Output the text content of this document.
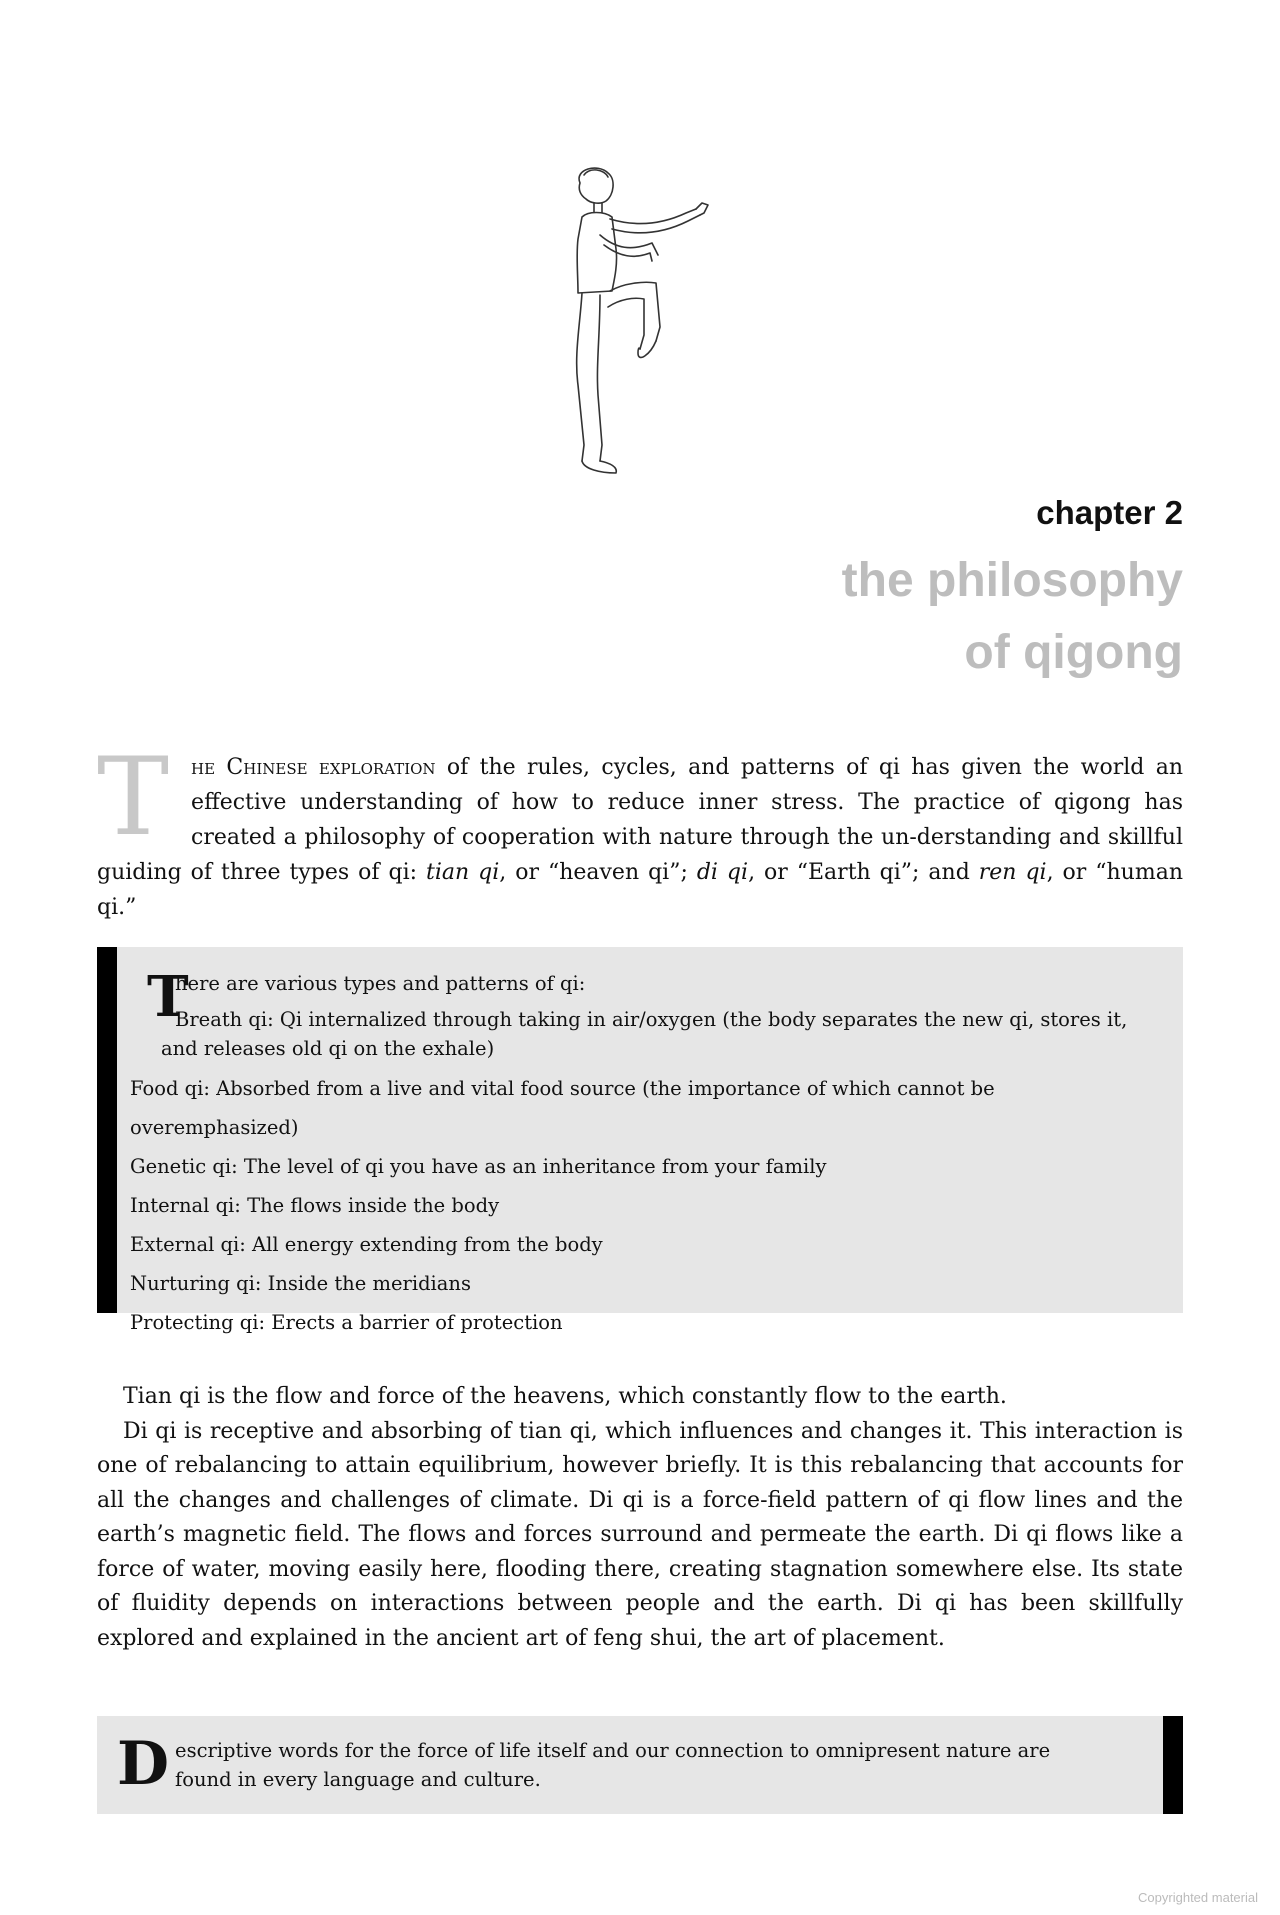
chapter 2
the philosophy
of qigong
T he Chinese exploration of the rules, cycles, and patterns of qi has given the world an effective understanding of how to reduce inner stress. The practice of qigong has created a philosophy of cooperation with nature through the un-derstanding and skillful guiding of three types of qi: tian qi, or “heaven qi”; di qi, or “Earth qi”; and ren qi, or “human qi.”
T
here are various types and patterns of qi:
Breath qi: Qi internalized through taking in air/oxygen (the body separates the new qi, stores it, and releases old qi on the exhale)
Food qi: Absorbed from a live and vital food source (the importance of which cannot be overemphasized)
Genetic qi: The level of qi you have as an inheritance from your family
Internal qi: The flows inside the body
External qi: All energy extending from the body
Nurturing qi: Inside the meridians
Protecting qi: Erects a barrier of protection

Tian qi is the flow and force of the heavens, which constantly flow to the earth.

Di qi is receptive and absorbing of tian qi, which influences and changes it. This interaction is one of rebalancing to attain equilibrium, however briefly. It is this rebalancing that accounts for all the changes and challenges of climate. Di qi is a force-field pattern of qi flow lines and the earth’s magnetic field. The flows and forces surround and permeate the earth. Di qi flows like a force of water, moving easily here, flooding there, creating stagnation somewhere else. Its state of fluidity depends on interactions between people and the earth. Di qi has been skillfully explored and explained in the ancient art of feng shui, the art of placement.

Descriptive words for the force of life itself and our connection to omnipresent nature are found in every language and culture.
Copyrighted material
